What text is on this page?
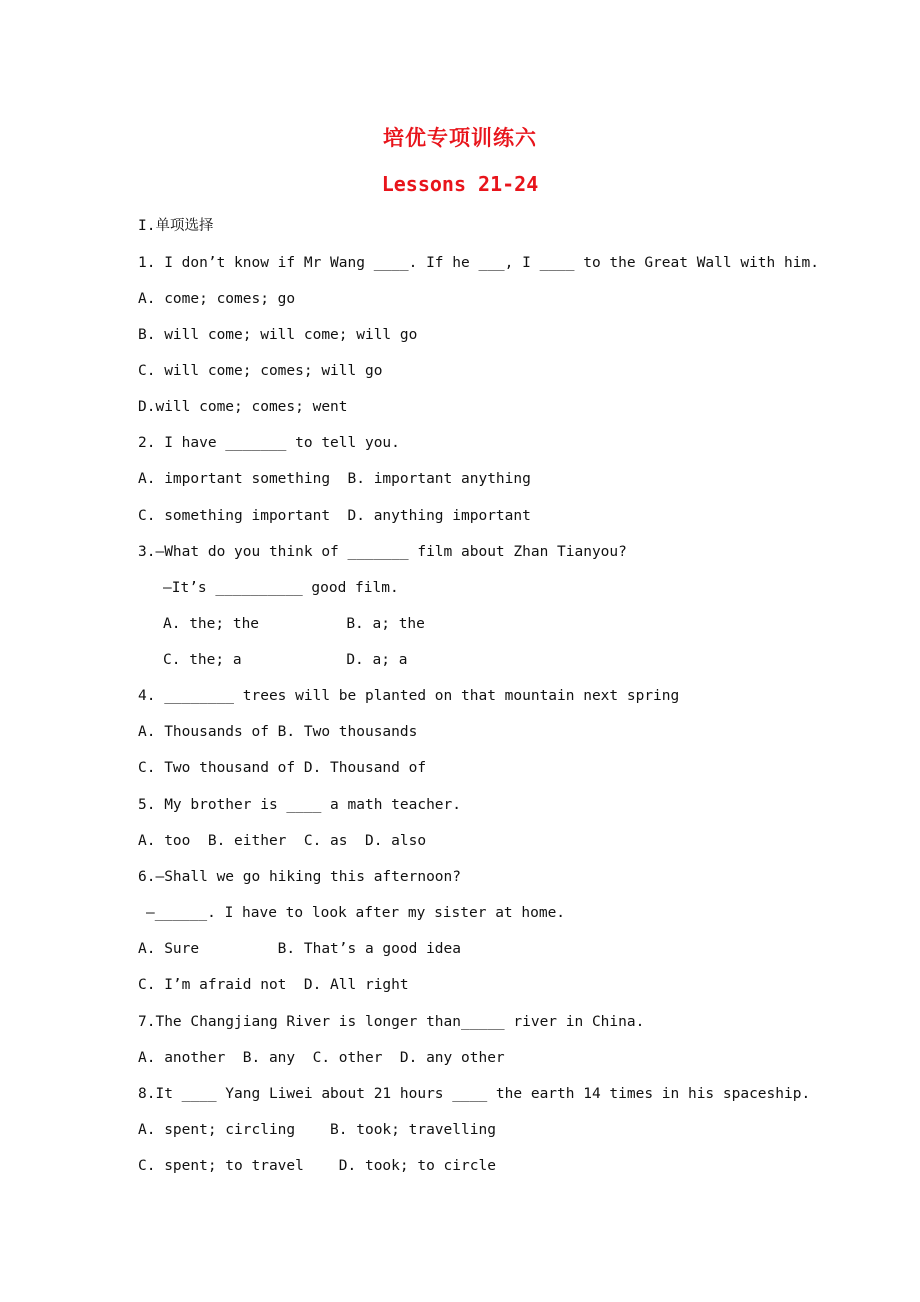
培优专项训练六
Lessons 21-24
I.单项选择
1. I don’t know if Mr Wang ____. If he ___, I ____ to the Great Wall with him.
A. come; comes; go
B. will come; will come; will go
C. will come; comes; will go
D.will come; comes; went
2. I have _______ to tell you.
A. important something  B. important anything
C. something important  D. anything important
3.—What do you think of _______ film about Zhan Tianyou?
—It’s __________ good film.
A. the; the          B. a; the
C. the; a            D. a; a
4. ________ trees will be planted on that mountain next spring
A. Thousands of B. Two thousands
C. Two thousand of D. Thousand of
5. My brother is ____ a math teacher.
A. too  B. either  C. as  D. also
6.—Shall we go hiking this afternoon?
—______. I have to look after my sister at home.
A. Sure         B. That’s a good idea
C. I’m afraid not  D. All right
7.The Changjiang River is longer than_____ river in China.
A. another  B. any  C. other  D. any other
8.It ____ Yang Liwei about 21 hours ____ the earth 14 times in his spaceship.
A. spent; circling    B. took; travelling
C. spent; to travel    D. took; to circle
